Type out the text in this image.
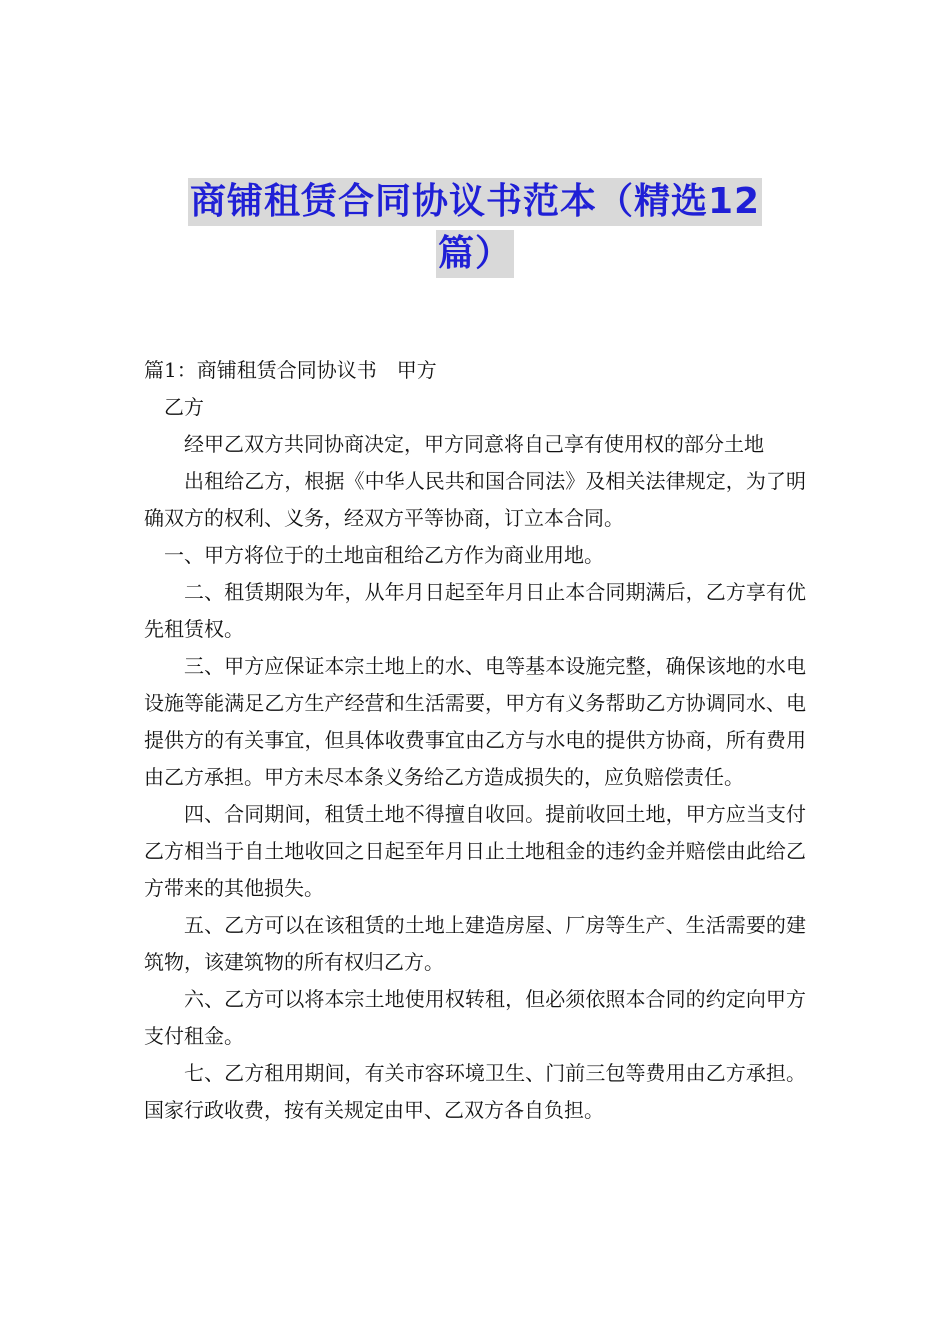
商铺租赁合同协议书范本（精选12
篇）

篇1：商铺租赁合同协议书　甲方

乙方

经甲乙双方共同协商决定，甲方同意将自己享有使用权的部分土地

出租给乙方，根据《中华人民共和国合同法》及相关法律规定，为了明确双方的权利、义务，经双方平等协商，订立本合同。

一、甲方将位于的土地亩租给乙方作为商业用地。

二、租赁期限为年，从年月日起至年月日止本合同期满后，乙方享有优先租赁权。

三、甲方应保证本宗土地上的水、电等基本设施完整，确保该地的水电设施等能满足乙方生产经营和生活需要，甲方有义务帮助乙方协调同水、电提供方的有关事宜，但具体收费事宜由乙方与水电的提供方协商，所有费用由乙方承担。甲方未尽本条义务给乙方造成损失的，应负赔偿责任。

四、合同期间，租赁土地不得擅自收回。提前收回土地，甲方应当支付乙方相当于自土地收回之日起至年月日止土地租金的违约金并赔偿由此给乙方带来的其他损失。

五、乙方可以在该租赁的土地上建造房屋、厂房等生产、生活需要的建筑物，该建筑物的所有权归乙方。

六、乙方可以将本宗土地使用权转租，但必须依照本合同的约定向甲方支付租金。

七、乙方租用期间，有关市容环境卫生、门前三包等费用由乙方承担。国家行政收费，按有关规定由甲、乙双方各自负担。
